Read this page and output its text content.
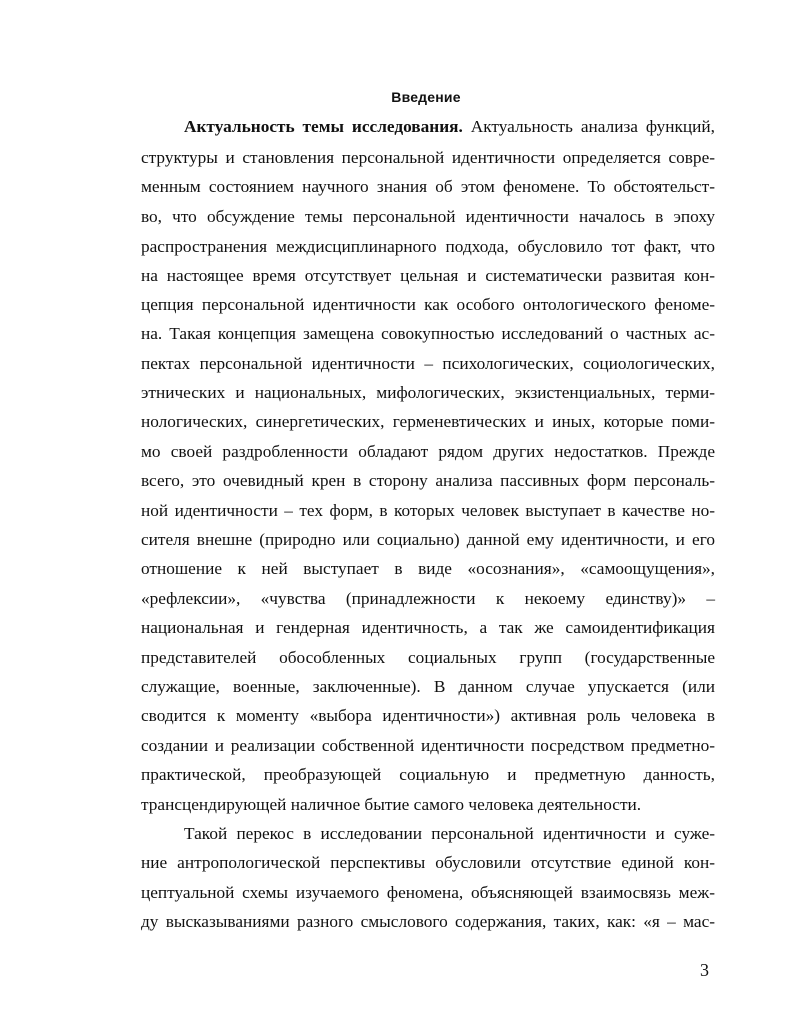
Введение
Актуальность темы исследования. Актуальность анализа функций,
структуры и становления персональной идентичности определяется совре-
менным состоянием научного знания об этом феномене. То обстоятельст-
во, что обсуждение темы персональной идентичности началось в эпоху
распространения междисциплинарного подхода, обусловило тот факт, что
на настоящее время отсутствует цельная и систематически развитая кон-
цепция персональной идентичности как особого онтологического феноме-
на. Такая концепция замещена совокупностью исследований о частных ас-
пектах персональной идентичности – психологических, социологических,
этнических и национальных, мифологических, экзистенциальных, терми-
нологических, синергетических, герменевтических и иных, которые поми-
мо своей раздробленности обладают рядом других недостатков. Прежде
всего, это очевидный крен в сторону анализа пассивных форм персональ-
ной идентичности – тех форм, в которых человек выступает в качестве но-
сителя внешне (природно или социально) данной ему идентичности, и его
отношение к ней выступает в виде «осознания», «самоощущения»,
«рефлексии», «чувства (принадлежности к некоему единству)» –
национальная и гендерная идентичность, а так же самоидентификация
представителей обособленных социальных групп (государственные
служащие, военные, заключенные). В данном случае упускается (или
сводится к моменту «выбора идентичности») активная роль человека в
создании и реализации собственной идентичности посредством предметно-
практической, преобразующей социальную и предметную данность,
трансцендирующей наличное бытие самого человека деятельности.
Такой перекос в исследовании персональной идентичности и суже-
ние антропологической перспективы обусловили отсутствие единой кон-
цептуальной схемы изучаемого феномена, объясняющей взаимосвязь меж-
ду высказываниями разного смыслового содержания, таких, как: «я – мас-
3
